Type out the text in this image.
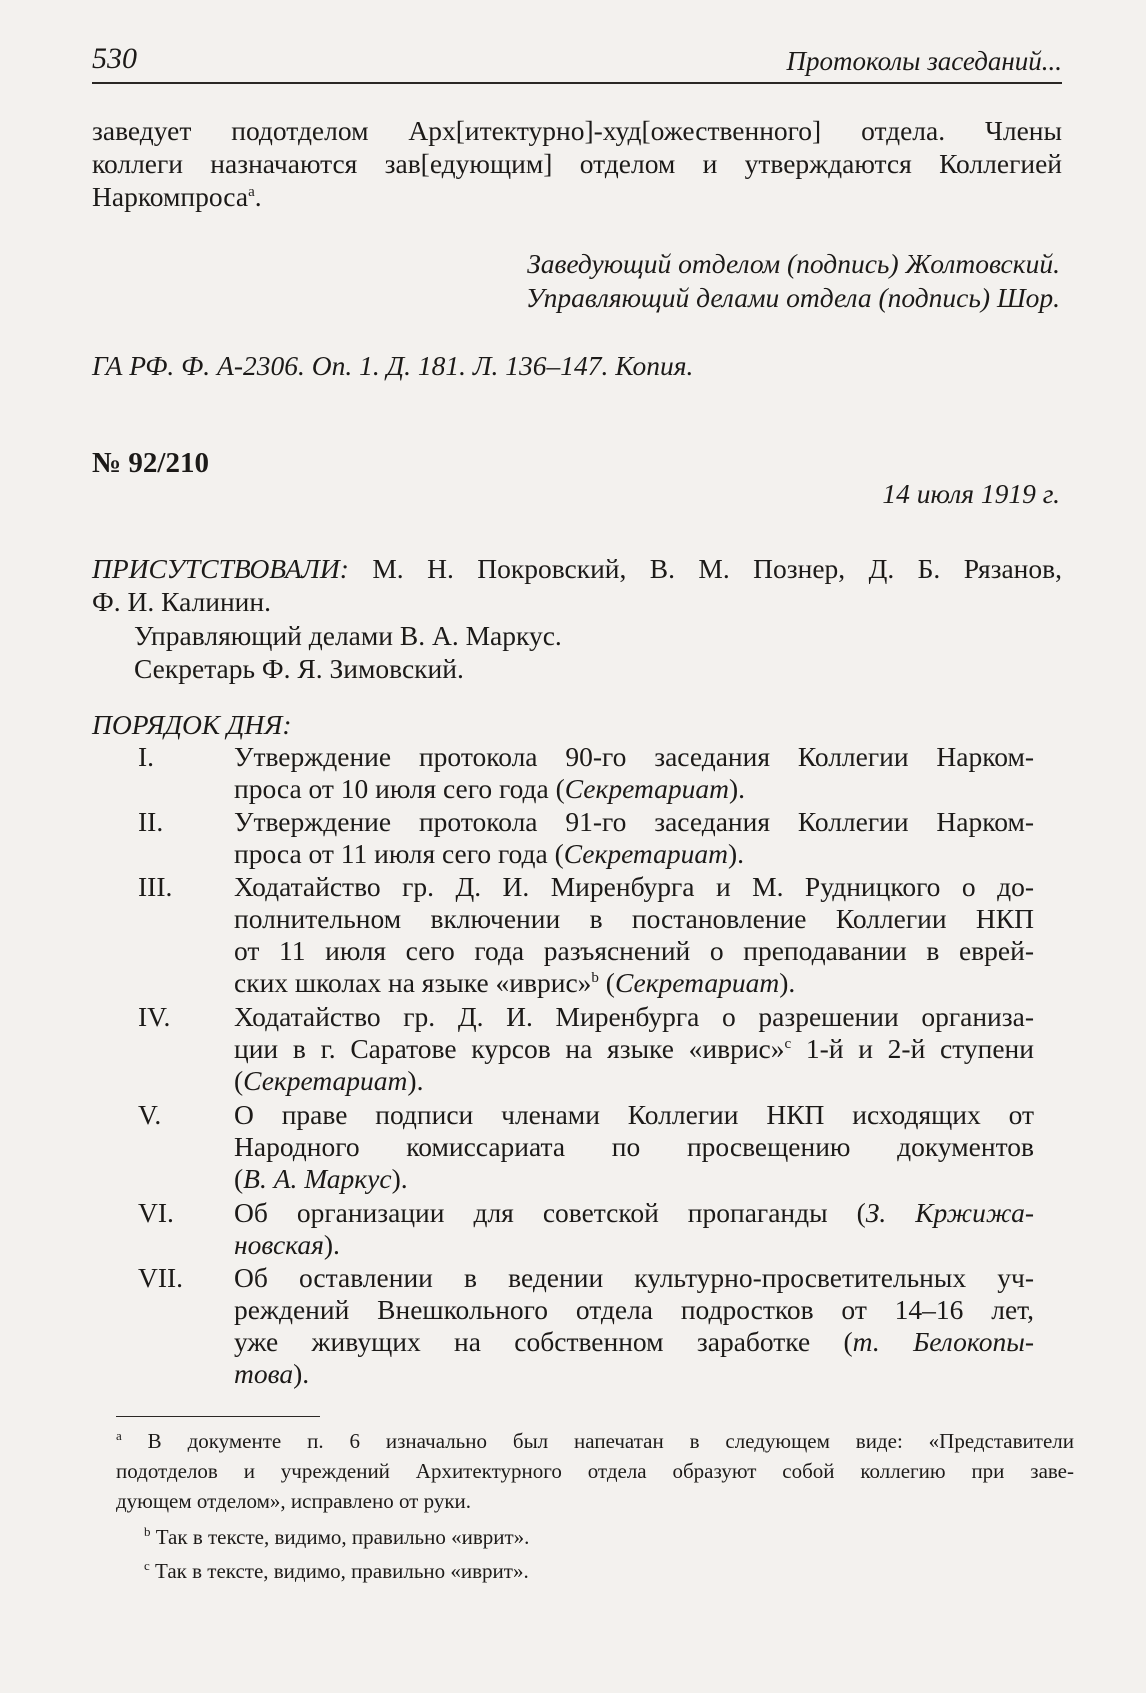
530	Протоколы заседаний...
заведует подотделом Арх[итектурно]-худ[ожественного] отдела. Члены
коллеги назначаются зав[едующим] отделом и утверждаются Коллегией
Наркомпроса$^a$.
Заведующий отделом (подпись) Жолтовский.
Управляющий делами отдела (подпись) Шор.
ГА РФ. Ф. А-2306. Оп. 1. Д. 181. Л. 136–147. Копия.
№ 92/210
14 июля 1919 г.
ПРИСУТСТВОВАЛИ: М. Н. Покровский, В. М. Познер, Д. Б. Рязанов,
Ф. И. Калинин.
Управляющий делами В. А. Маркус.
Секретарь Ф. Я. Зимовский.
ПОРЯДОК ДНЯ:
I.	Утверждение протокола 90-го заседания Коллегии Нарком-
проса от 10 июля сего года (Секретариат).
II.	Утверждение протокола 91-го заседания Коллегии Нарком-
проса от 11 июля сего года (Секретариат).
III. Ходатайство гр. Д. И. Миренбурга и М. Рудницкого о до-
полнительном включении в постановление Коллегии НКП
от 11 июля сего года разъяснений о преподавании в еврей-
ских школах на языке «иврис»$^b$ (Секретариат).
IV. Ходатайство гр. Д. И. Миренбурга о разрешении организа-
ции в г. Саратове курсов на языке «иврис»$^c$ 1-й и 2-й ступени
(Секретариат).
V.	О праве подписи членами Коллегии НКП исходящих от
Народного комиссариата по просвещению документов
(В. А. Маркус).
VI. Об организации для советской пропаганды (З. Кржижа-
новская).
VII. Об оставлении в ведении культурно-просветительных уч-
реждений Внешкольного отдела подростков от 14–16 лет,
уже живущих на собственном заработке (т. Белокопы-
това).
$^a$ В документе п. 6 изначально был напечатан в следующем виде: «Представители
подотделов и учреждений Архитектурного отдела образуют собой коллегию при заве-
дующем отделом», исправлено от руки.
$^b$ Так в тексте, видимо, правильно «иврит».
$^c$ Так в тексте, видимо, правильно «иврит».
